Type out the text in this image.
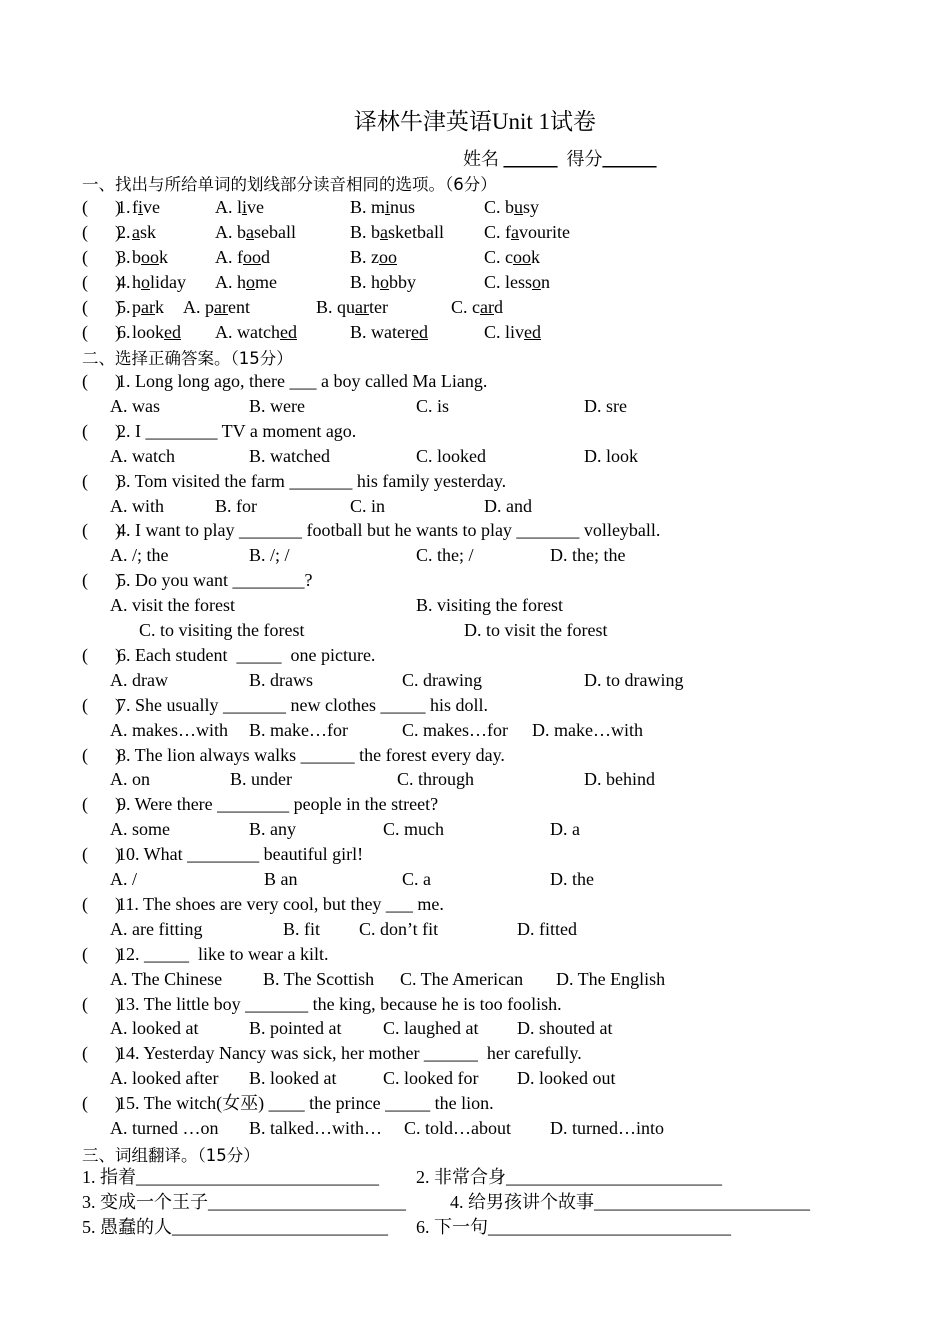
译林牛津英语Unit 1试卷
姓名 ______ 得分______
一、找出与所给单词的划线部分读音相同的选项。（6分）
(      )
1. five	A. live	B. minus	C. busy
(      )
2. ask	A. baseball	B. basketball C. favourite
(      )
3. book	A. food	B. zoo	C. cook
(      )
4. holiday A. home	B. hobby	C. lesson
(      )
5. park A. parent	B. quarter	C. card
(      )
6. looked A. watched	B. watered	C. lived
二、选择正确答案。（15分）
(      )
1. Long long ago, there ___ a boy called Ma Liang.
A. was	B. were	C. is	D. sre
(      )
2. I ________ TV a moment ago.
A. watch	B. watched	C. looked	D. look
(      )
3. Tom visited the farm _______ his family yesterday.
A. with	B. for	C. in	D. and
(      )
4. I want to play _______ football but he wants to play _______ volleyball.
A. /; the	B. /; /	C. the; /	D. the; the
(      )
5. Do you want ________?
A. visit the forest	B. visiting the forest
C. to visiting the forest	D. to visit the forest
(      )
6. Each student  _____  one picture.
A. draw	B. draws	C. drawing	D. to drawing
(      )
7. She usually _______ new clothes _____ his doll.
A. makes…with B. make…for	C. makes…for D. make…with
(      )
8. The lion always walks ______ the forest every day.
A. on	B. under	C. through	D. behind
(      )
9. Were there ________ people in the street?
A. some	B. any	C. much	D. a
(      )
10. What ________ beautiful girl!
A. /	B an	C. a	D. the
(      )
11. The shoes are very cool, but they ___ me.
A. are fitting	B. fit C. don’t fit	D. fitted
(      )
12. _____  like to wear a kilt.
A. The Chinese B. The Scottish C. The American D. The English
(      )
13. The little boy _______ the king, because he is too foolish.
A. looked at	B. pointed at C. laughed at D. shouted at
(      )
14. Yesterday Nancy was sick, her mother ______  her carefully.
A. looked after B. looked at	C. looked for D. looked out
(      )
15. The witch(女巫) ____ the prince _____ the lion.
A. turned …on B. talked…with… C. told…about D. turned…into
三、词组翻译。（15分）
1. 指着___________________________ 2. 非常合身________________________
3. 变成一个王子______________________ 4. 给男孩讲个故事________________________
5. 愚蠢的人________________________ 6. 下一句___________________________
